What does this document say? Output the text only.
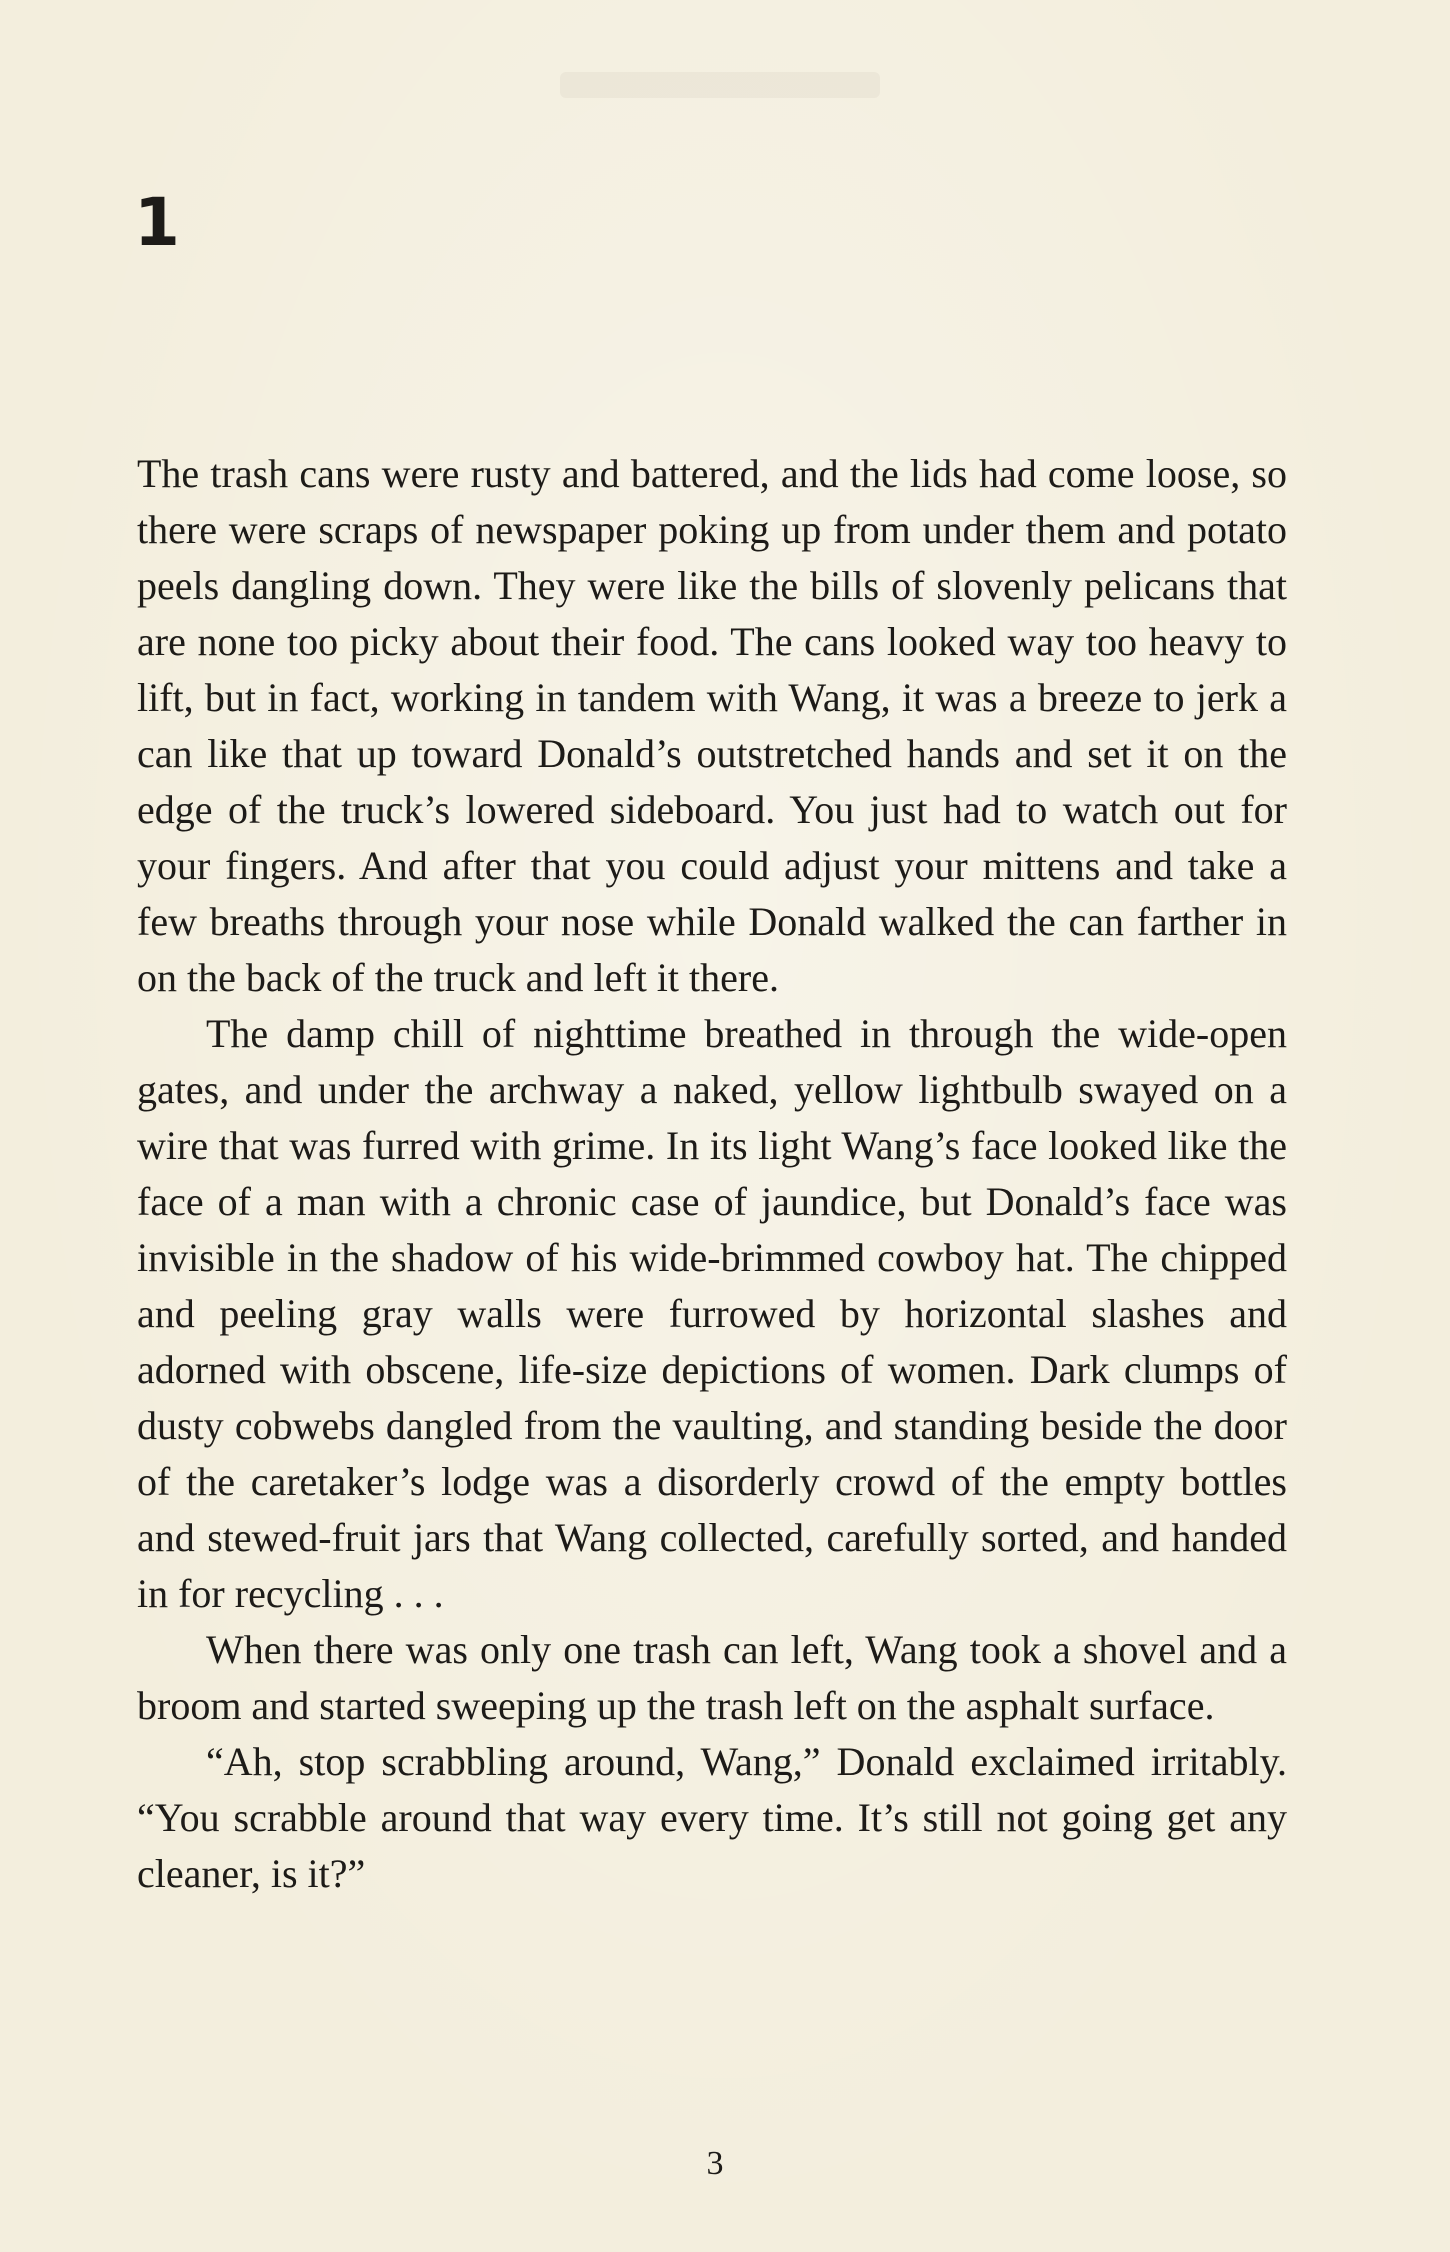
1

The trash cans were rusty and battered, and the lids had come loose, so there were scraps of newspaper poking up from under them and potato peels dangling down. They were like the bills of slovenly pelicans that are none too picky about their food. The cans looked way too heavy to lift, but in fact, working in tandem with Wang, it was a breeze to jerk a can like that up toward Donald’s outstretched hands and set it on the edge of the truck’s lowered sideboard. You just had to watch out for your fingers. And after that you could adjust your mittens and take a few breaths through your nose while Donald walked the can farther in on the back of the truck and left it there.

The damp chill of nighttime breathed in through the wide-open gates, and under the archway a naked, yellow lightbulb swayed on a wire that was furred with grime. In its light Wang’s face looked like the face of a man with a chronic case of jaundice, but Donald’s face was invisible in the shadow of his wide-brimmed cowboy hat. The chipped and peeling gray walls were furrowed by horizontal slashes and adorned with obscene, life-size depictions of women. Dark clumps of dusty cobwebs dangled from the vaulting, and standing beside the door of the caretaker’s lodge was a disorderly crowd of the empty bottles and stewed-fruit jars that Wang collected, carefully sorted, and handed in for recycling . . .

When there was only one trash can left, Wang took a shovel and a broom and started sweeping up the trash left on the asphalt surface.

“Ah, stop scrabbling around, Wang,” Donald exclaimed irritably. “You scrabble around that way every time. It’s still not going get any cleaner, is it?”

3
